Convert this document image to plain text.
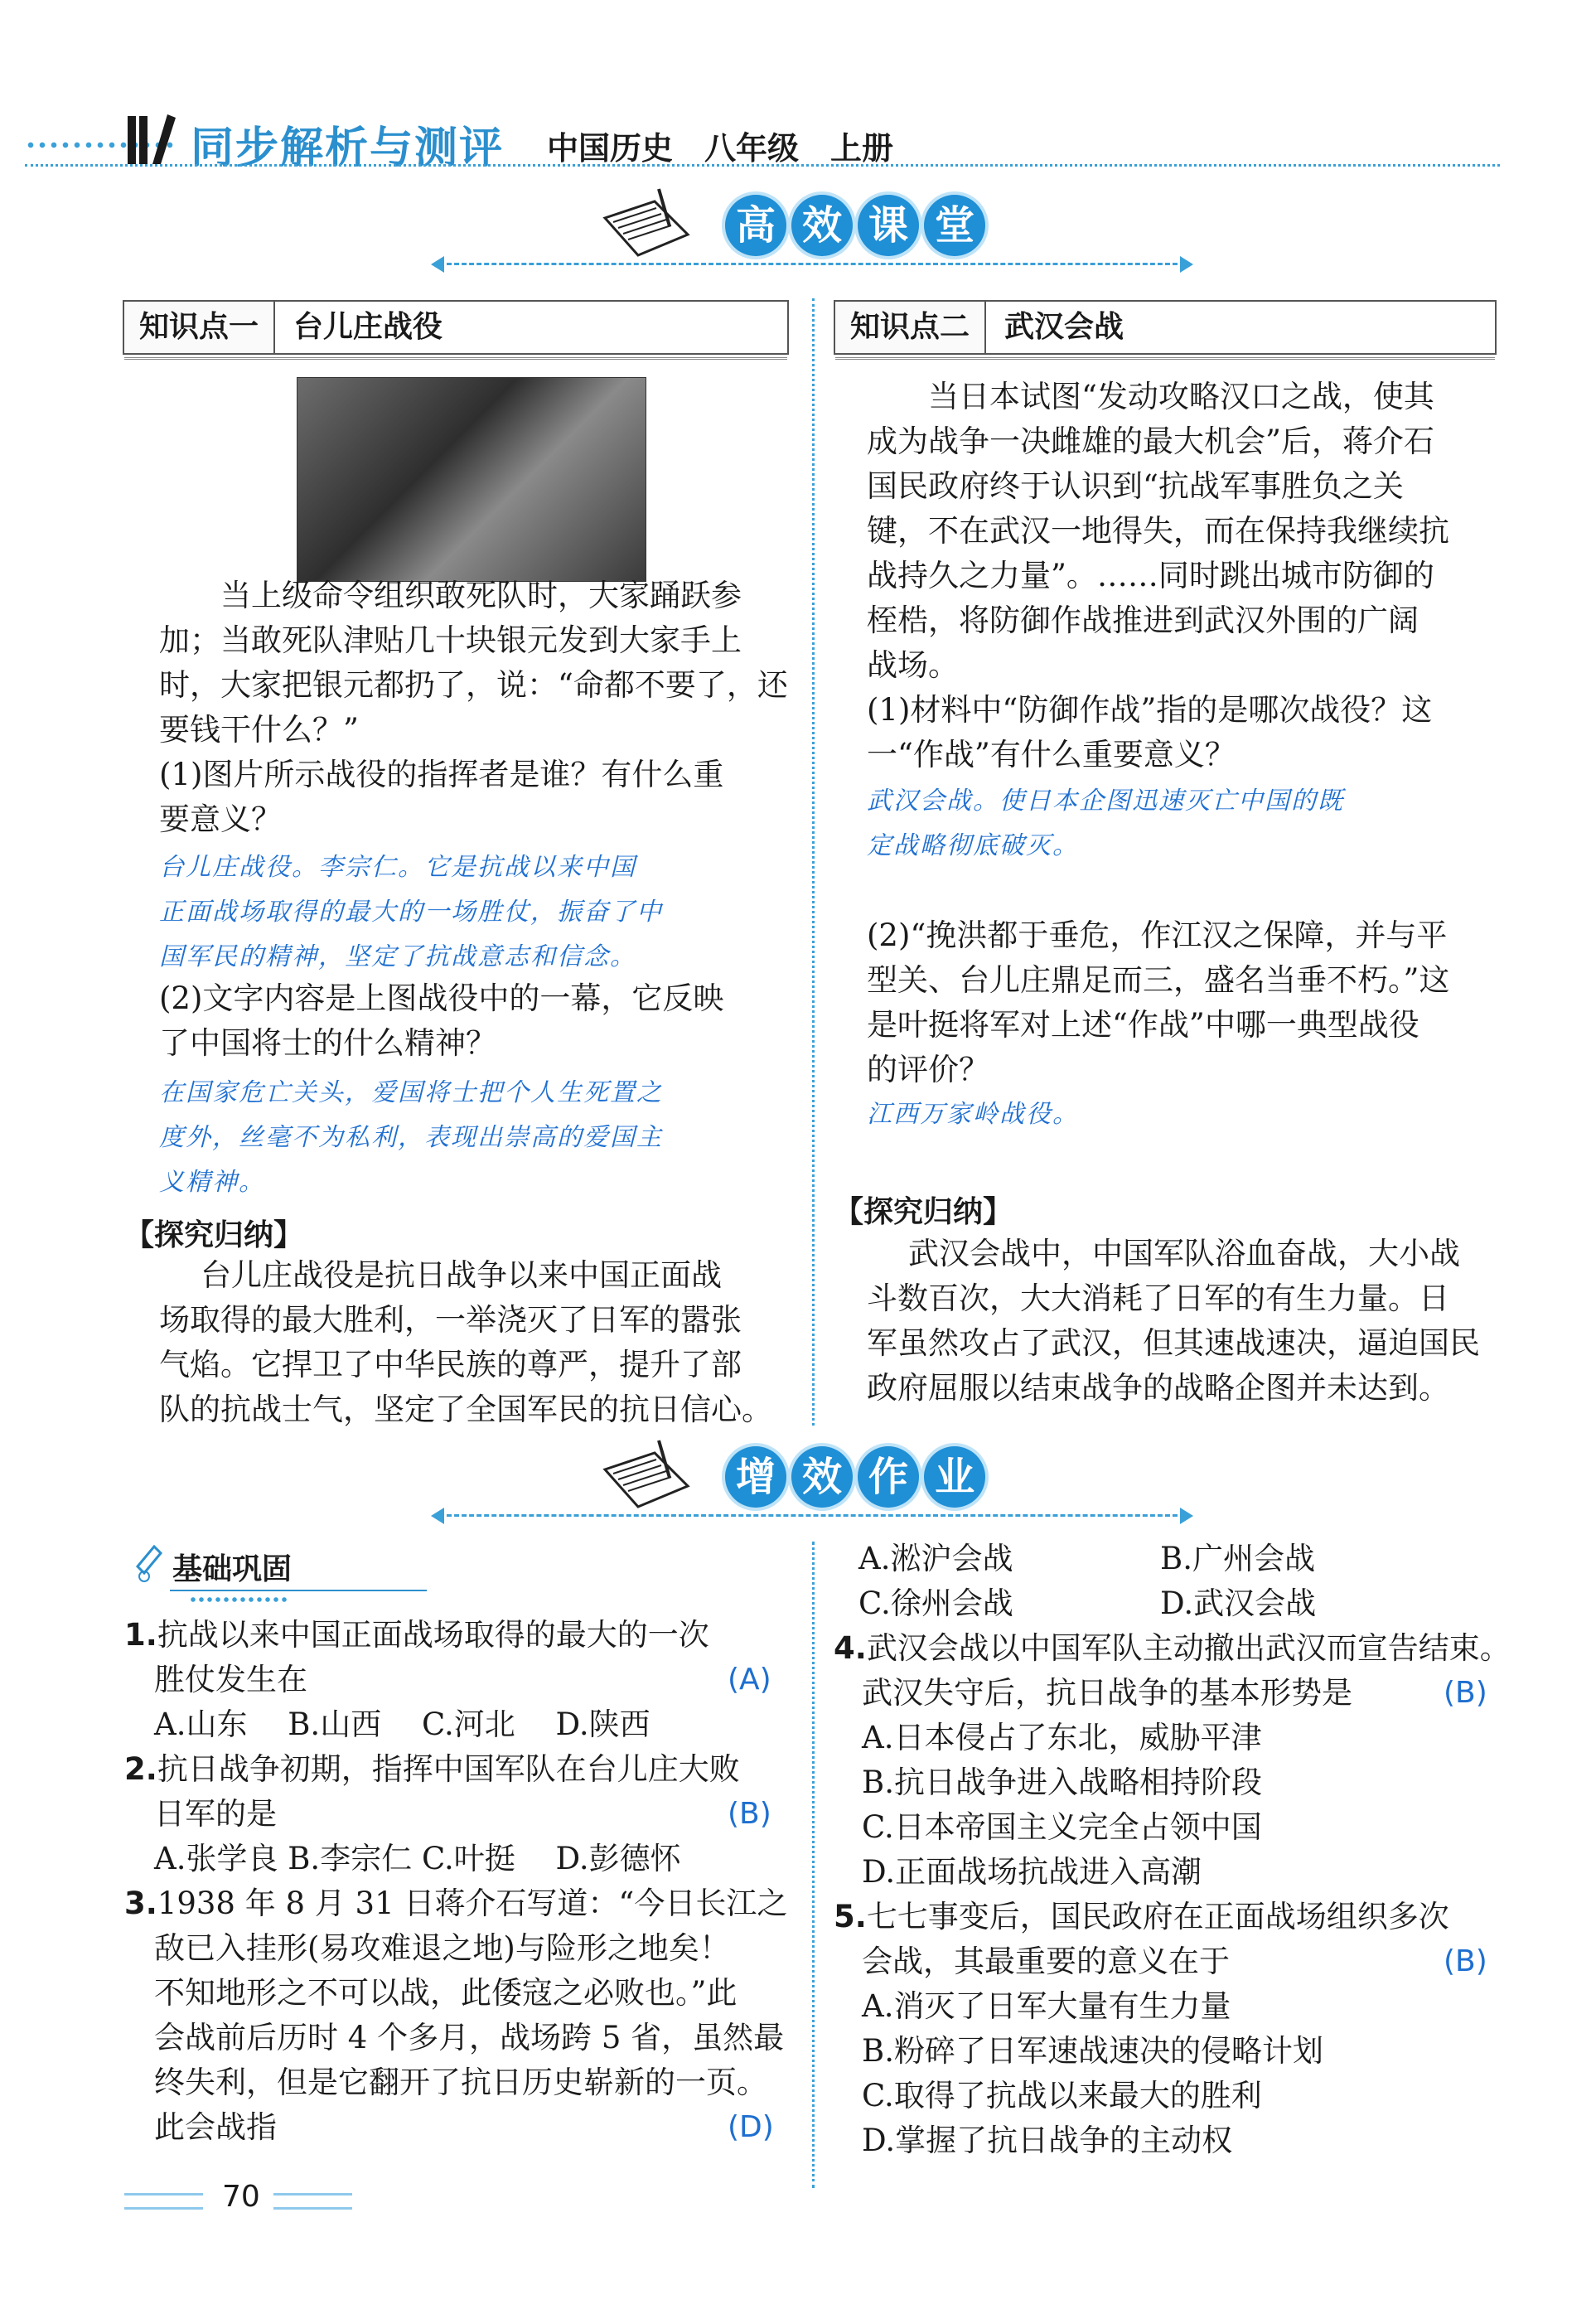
同步解析与测评 中国历史　八年级　上册
高 效 课 堂
知识点一	台儿庄战役	知识点二	武汉会战
当上级命令组织敢死队时，大家踊跃参
加；当敢死队津贴几十块银元发到大家手上
时，大家把银元都扔了，说：“命都不要了，还
要钱干什么？”
(1)图片所示战役的指挥者是谁？有什么重
要意义？
台儿庄战役。李宗仁。它是抗战以来中国
正面战场取得的最大的一场胜仗，振奋了中
国军民的精神，坚定了抗战意志和信念。
(2)文字内容是上图战役中的一幕，它反映
了中国将士的什么精神？
在国家危亡关头，爱国将士把个人生死置之
度外，丝毫不为私利，表现出崇高的爱国主
义精神。
【探究归纳】
台儿庄战役是抗日战争以来中国正面战
场取得的最大胜利，一举浇灭了日军的嚣张
气焰。它捍卫了中华民族的尊严，提升了部
队的抗战士气，坚定了全国军民的抗日信心。
当日本试图“发动攻略汉口之战，使其
成为战争一决雌雄的最大机会”后，蒋介石
国民政府终于认识到“抗战军事胜负之关
键，不在武汉一地得失，而在保持我继续抗
战持久之力量”。……同时跳出城市防御的
桎梏，将防御作战推进到武汉外围的广阔
战场。
(1)材料中“防御作战”指的是哪次战役？这
一“作战”有什么重要意义？
武汉会战。使日本企图迅速灭亡中国的既
定战略彻底破灭。
(2)“挽洪都于垂危，作江汉之保障，并与平
型关、台儿庄鼎足而三，盛名当垂不朽。”这
是叶挺将军对上述“作战”中哪一典型战役
的评价？
江西万家岭战役。
【探究归纳】
武汉会战中，中国军队浴血奋战，大小战
斗数百次，大大消耗了日军的有生力量。日
军虽然攻占了武汉，但其速战速决，逼迫国民
政府屈服以结束战争的战略企图并未达到。
增 效 作 业
基础巩固
1.抗战以来中国正面战场取得的最大的一次
胜仗发生在	(A)
A.山东　 B.山西　 C.河北　 D.陕西
2.抗日战争初期，指挥中国军队在台儿庄大败
日军的是	(B)
A.张学良 B.李宗仁 C.叶挺　 D.彭德怀
3.1938 年 8 月 31 日蒋介石写道：“今日长江之
敌已入挂形(易攻难退之地)与险形之地矣！
不知地形之不可以战，此倭寇之必败也。”此
会战前后历时 4 个多月，战场跨 5 省，虽然最
终失利，但是它翻开了抗日历史崭新的一页。
此会战指	(D)
A.淞沪会战	B.广州会战
C.徐州会战	D.武汉会战
4.武汉会战以中国军队主动撤出武汉而宣告结束。
武汉失守后，抗日战争的基本形势是	(B)
A.日本侵占了东北，威胁平津
B.抗日战争进入战略相持阶段
C.日本帝国主义完全占领中国
D.正面战场抗战进入高潮
5.七七事变后，国民政府在正面战场组织多次
会战，其最重要的意义在于	(B)
A.消灭了日军大量有生力量
B.粉碎了日军速战速决的侵略计划
C.取得了抗战以来最大的胜利
D.掌握了抗日战争的主动权
70
